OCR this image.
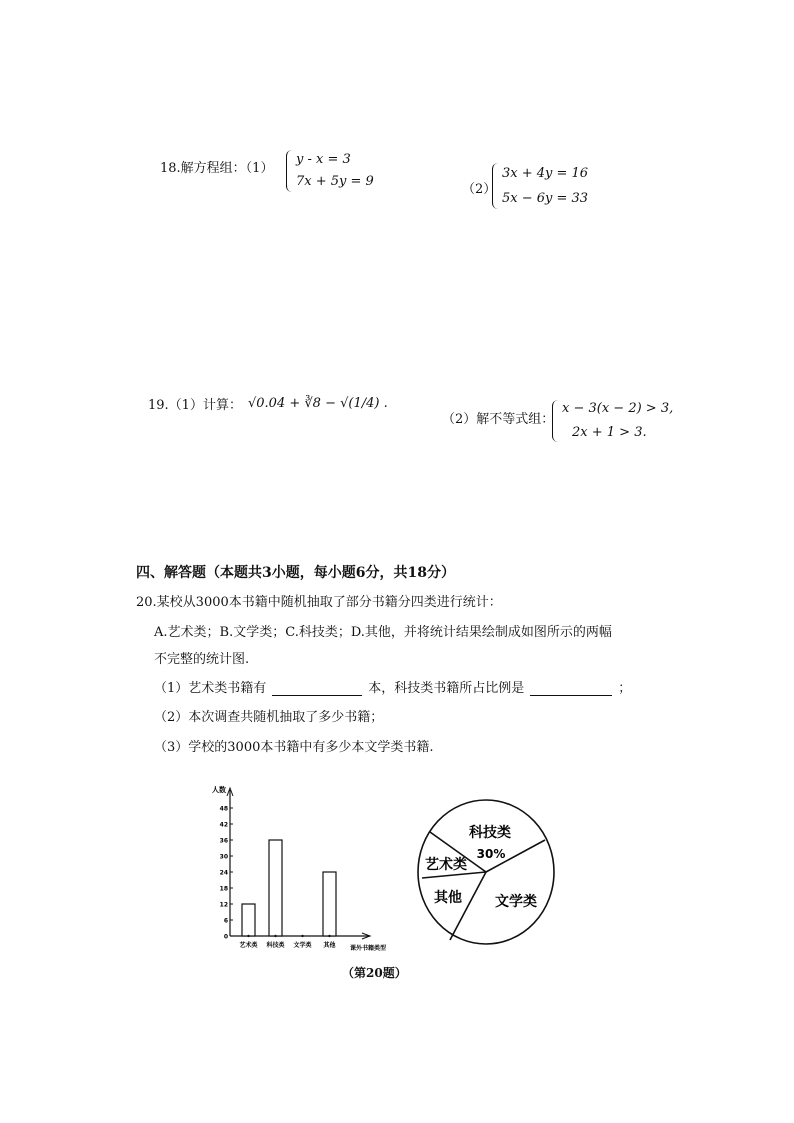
18.解方程组：（1）
y - x = 3
7x + 5y = 9
（2）
3x + 4y = 16
5x − 6y = 33
19.（1）计算： √0.04 + ∛8 − √(1/4) .
（2）解不等式组：
x − 3(x − 2) > 3,
2x + 1 > 3.
四、解答题（本题共3小题，每小题6分，共18分）
20.某校从3000本书籍中随机抽取了部分书籍分四类进行统计：
A.艺术类；B.文学类；C.科技类；D.其他，并将统计结果绘制成如图所示的两幅
不完整的统计图.
（1）艺术类书籍有	本，科技类书籍所占比例是	；
（2）本次调查共随机抽取了多少书籍；
（3）学校的3000本书籍中有多少本文学类书籍.
0
6
12
18
24
30
36
42
48
艺术类 科技类 文学类 其他
人数
课外书籍类型
科技类
30%
艺术类
其他 文学类
（第20题）
